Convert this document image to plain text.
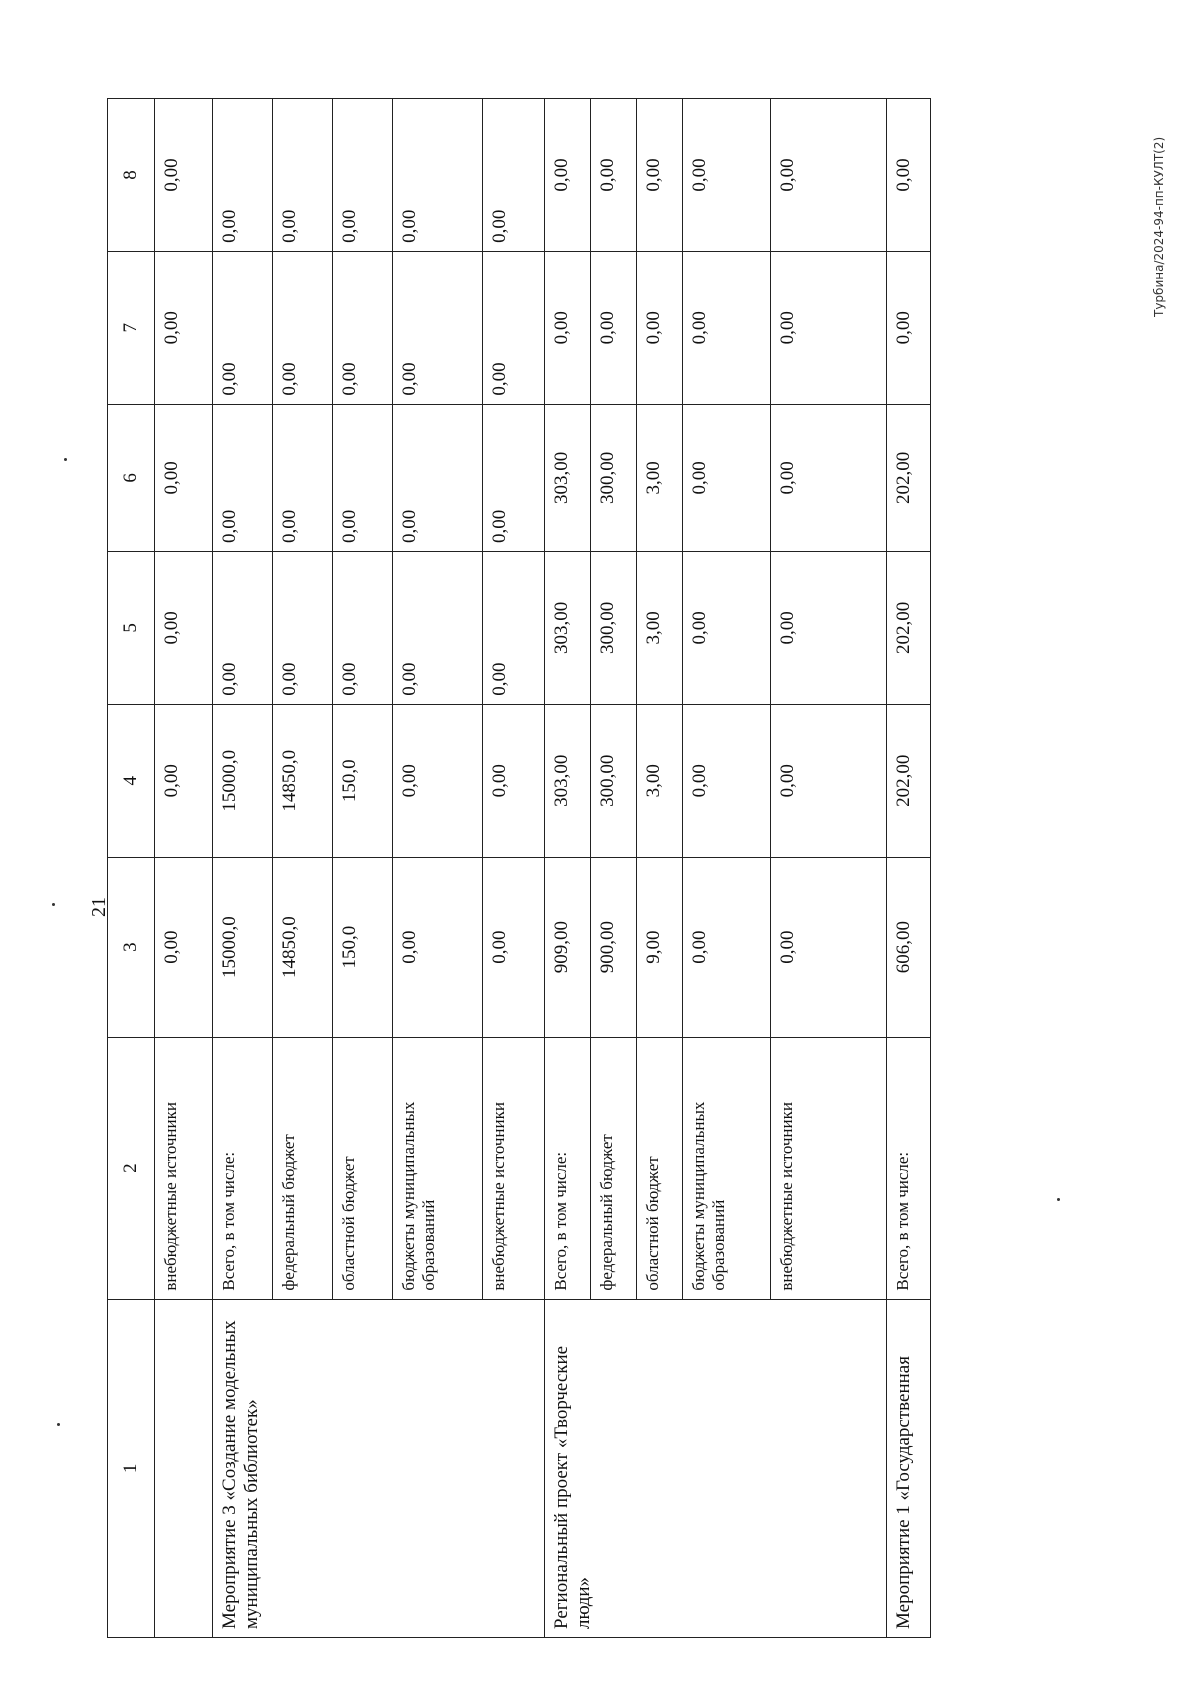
21
1	2	3	4	5	6	7	8
	внебюджетные источники	0,00	0,00	0,00	0,00	0,00	0,00
Мероприятие 3 «Создание модельных муниципальных библиотек»	Всего, в том числе:	15000,0	15000,0	0,00	0,00	0,00	0,00
	федеральный бюджет	14850,0	14850,0	0,00	0,00	0,00	0,00
	областной бюджет	150,0	150,0	0,00	0,00	0,00	0,00
	бюджеты муниципальных образований	0,00	0,00	0,00	0,00	0,00	0,00
	внебюджетные источники	0,00	0,00	0,00	0,00	0,00	0,00
Региональный проект «Творческие люди»	Всего, в том числе:	909,00	303,00	303,00	303,00	0,00	0,00
	федеральный бюджет	900,00	300,00	300,00	300,00	0,00	0,00
	областной бюджет	9,00	3,00	3,00	3,00	0,00	0,00
	бюджеты муниципальных образований	0,00	0,00	0,00	0,00	0,00	0,00
	внебюджетные источники	0,00	0,00	0,00	0,00	0,00	0,00
Мероприятие 1 «Государственная	Всего, в том числе:	606,00	202,00	202,00	202,00	0,00	0,00	Турбина/2024-94-пп-КУЛТ(2)
